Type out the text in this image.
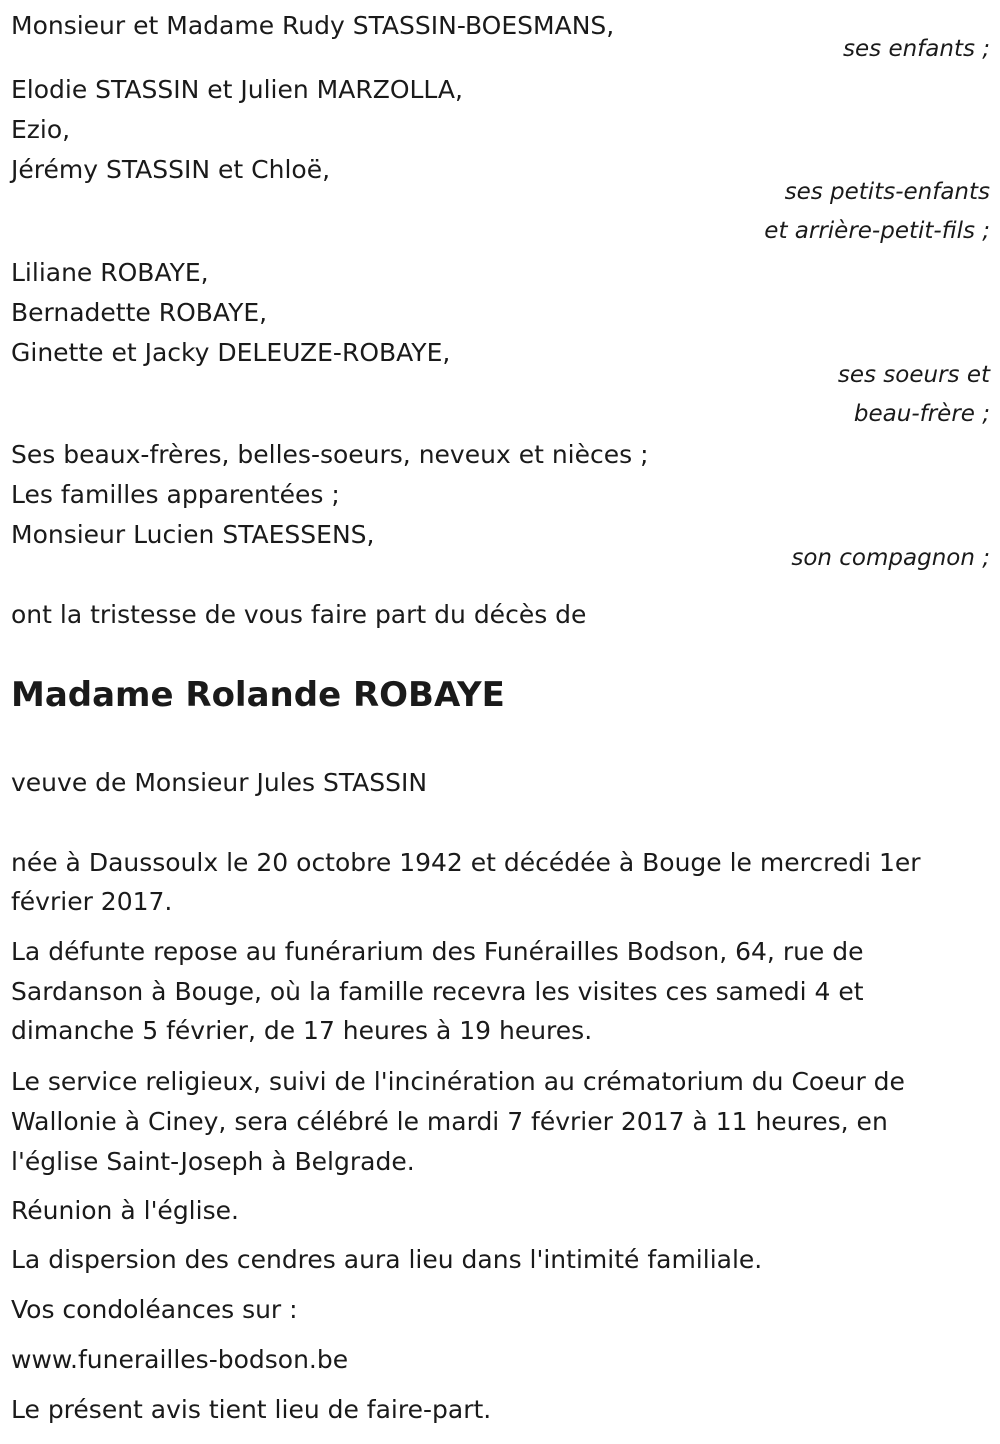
Monsieur et Madame Rudy STASSIN-BOESMANS,
ses enfants ;
Elodie STASSIN et Julien MARZOLLA,
Ezio,
Jérémy STASSIN et Chloë,
ses petits-enfants
et arrière-petit-fils ;
Liliane ROBAYE,
Bernadette ROBAYE,
Ginette et Jacky DELEUZE-ROBAYE,
ses soeurs et
beau-frère ;
Ses beaux-frères, belles-soeurs, neveux et nièces ;
Les familles apparentées ;
Monsieur Lucien STAESSENS,
son compagnon ;
ont la tristesse de vous faire part du décès de
Madame Rolande ROBAYE
veuve de Monsieur Jules STASSIN
née à Daussoulx le 20 octobre 1942 et décédée à Bouge le mercredi 1er
février 2017.
La défunte repose au funérarium des Funérailles Bodson, 64, rue de
Sardanson à Bouge, où la famille recevra les visites ces samedi 4 et
dimanche 5 février, de 17 heures à 19 heures.
Le service religieux, suivi de l'incinération au crématorium du Coeur de
Wallonie à Ciney, sera célébré le mardi 7 février 2017 à 11 heures, en
l'église Saint-Joseph à Belgrade.
Réunion à l'église.
La dispersion des cendres aura lieu dans l'intimité familiale.
Vos condoléances sur :
www.funerailles-bodson.be
Le présent avis tient lieu de faire-part.
